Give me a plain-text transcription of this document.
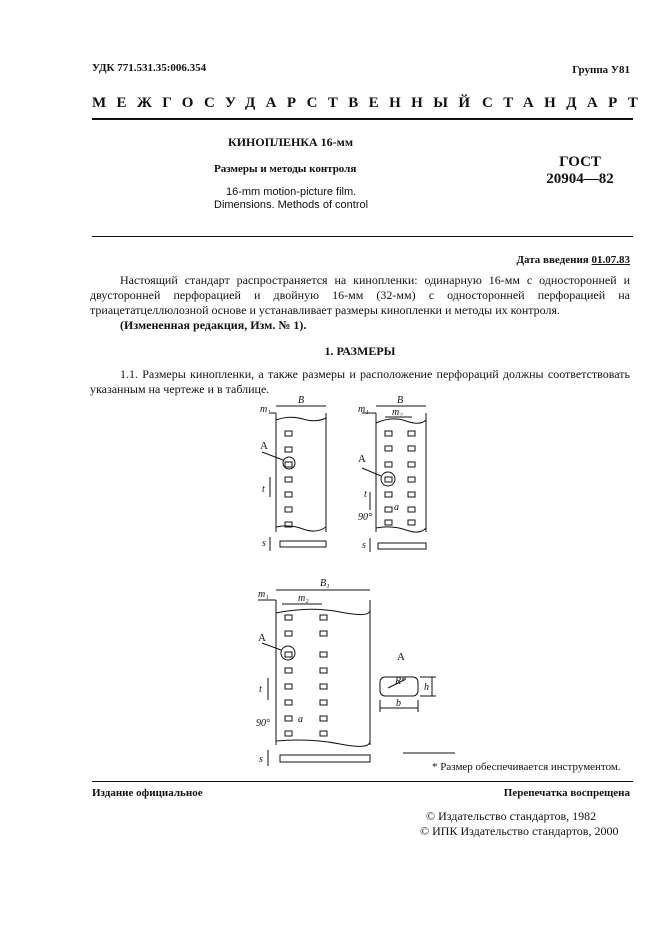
УДК 771.531.35:006.354	Группа У81
МЕЖГОСУДАРСТВЕННЫЙ СТАНДАРТ
КИНОПЛЕНКА 16-мм
Размеры и методы контроля
16-mm motion-picture film.
Dimensions. Methods of control
ГОСТ
20904—82
Дата введения 01.07.83
Настоящий стандарт распространяется на кинопленки: одинарную 16-мм с односторонней и двусторонней перфорацией и двойную 16-мм (32-мм) с односторонней перфорацией на триацетатцеллюлозной основе и устанавливает размеры кинопленки и методы их контроля.
(Измененная редакция, Изм. № 1).
1. РАЗМЕРЫ
1.1. Размеры кинопленки, а также размеры и расположение перфораций должны соответствовать указанным на чертеже и в таблице.
B
m₁
A
t
s
B
m₁ m₂
A
t
90°
a
s
B₁
m₁	m₂
A
t
90°	a
s
A
R*
h
b
* Размер обеспечивается инструментом.
Издание официальное	Перепечатка воспрещена
© Издательство стандартов, 1982
© ИПК Издательство стандартов, 2000
